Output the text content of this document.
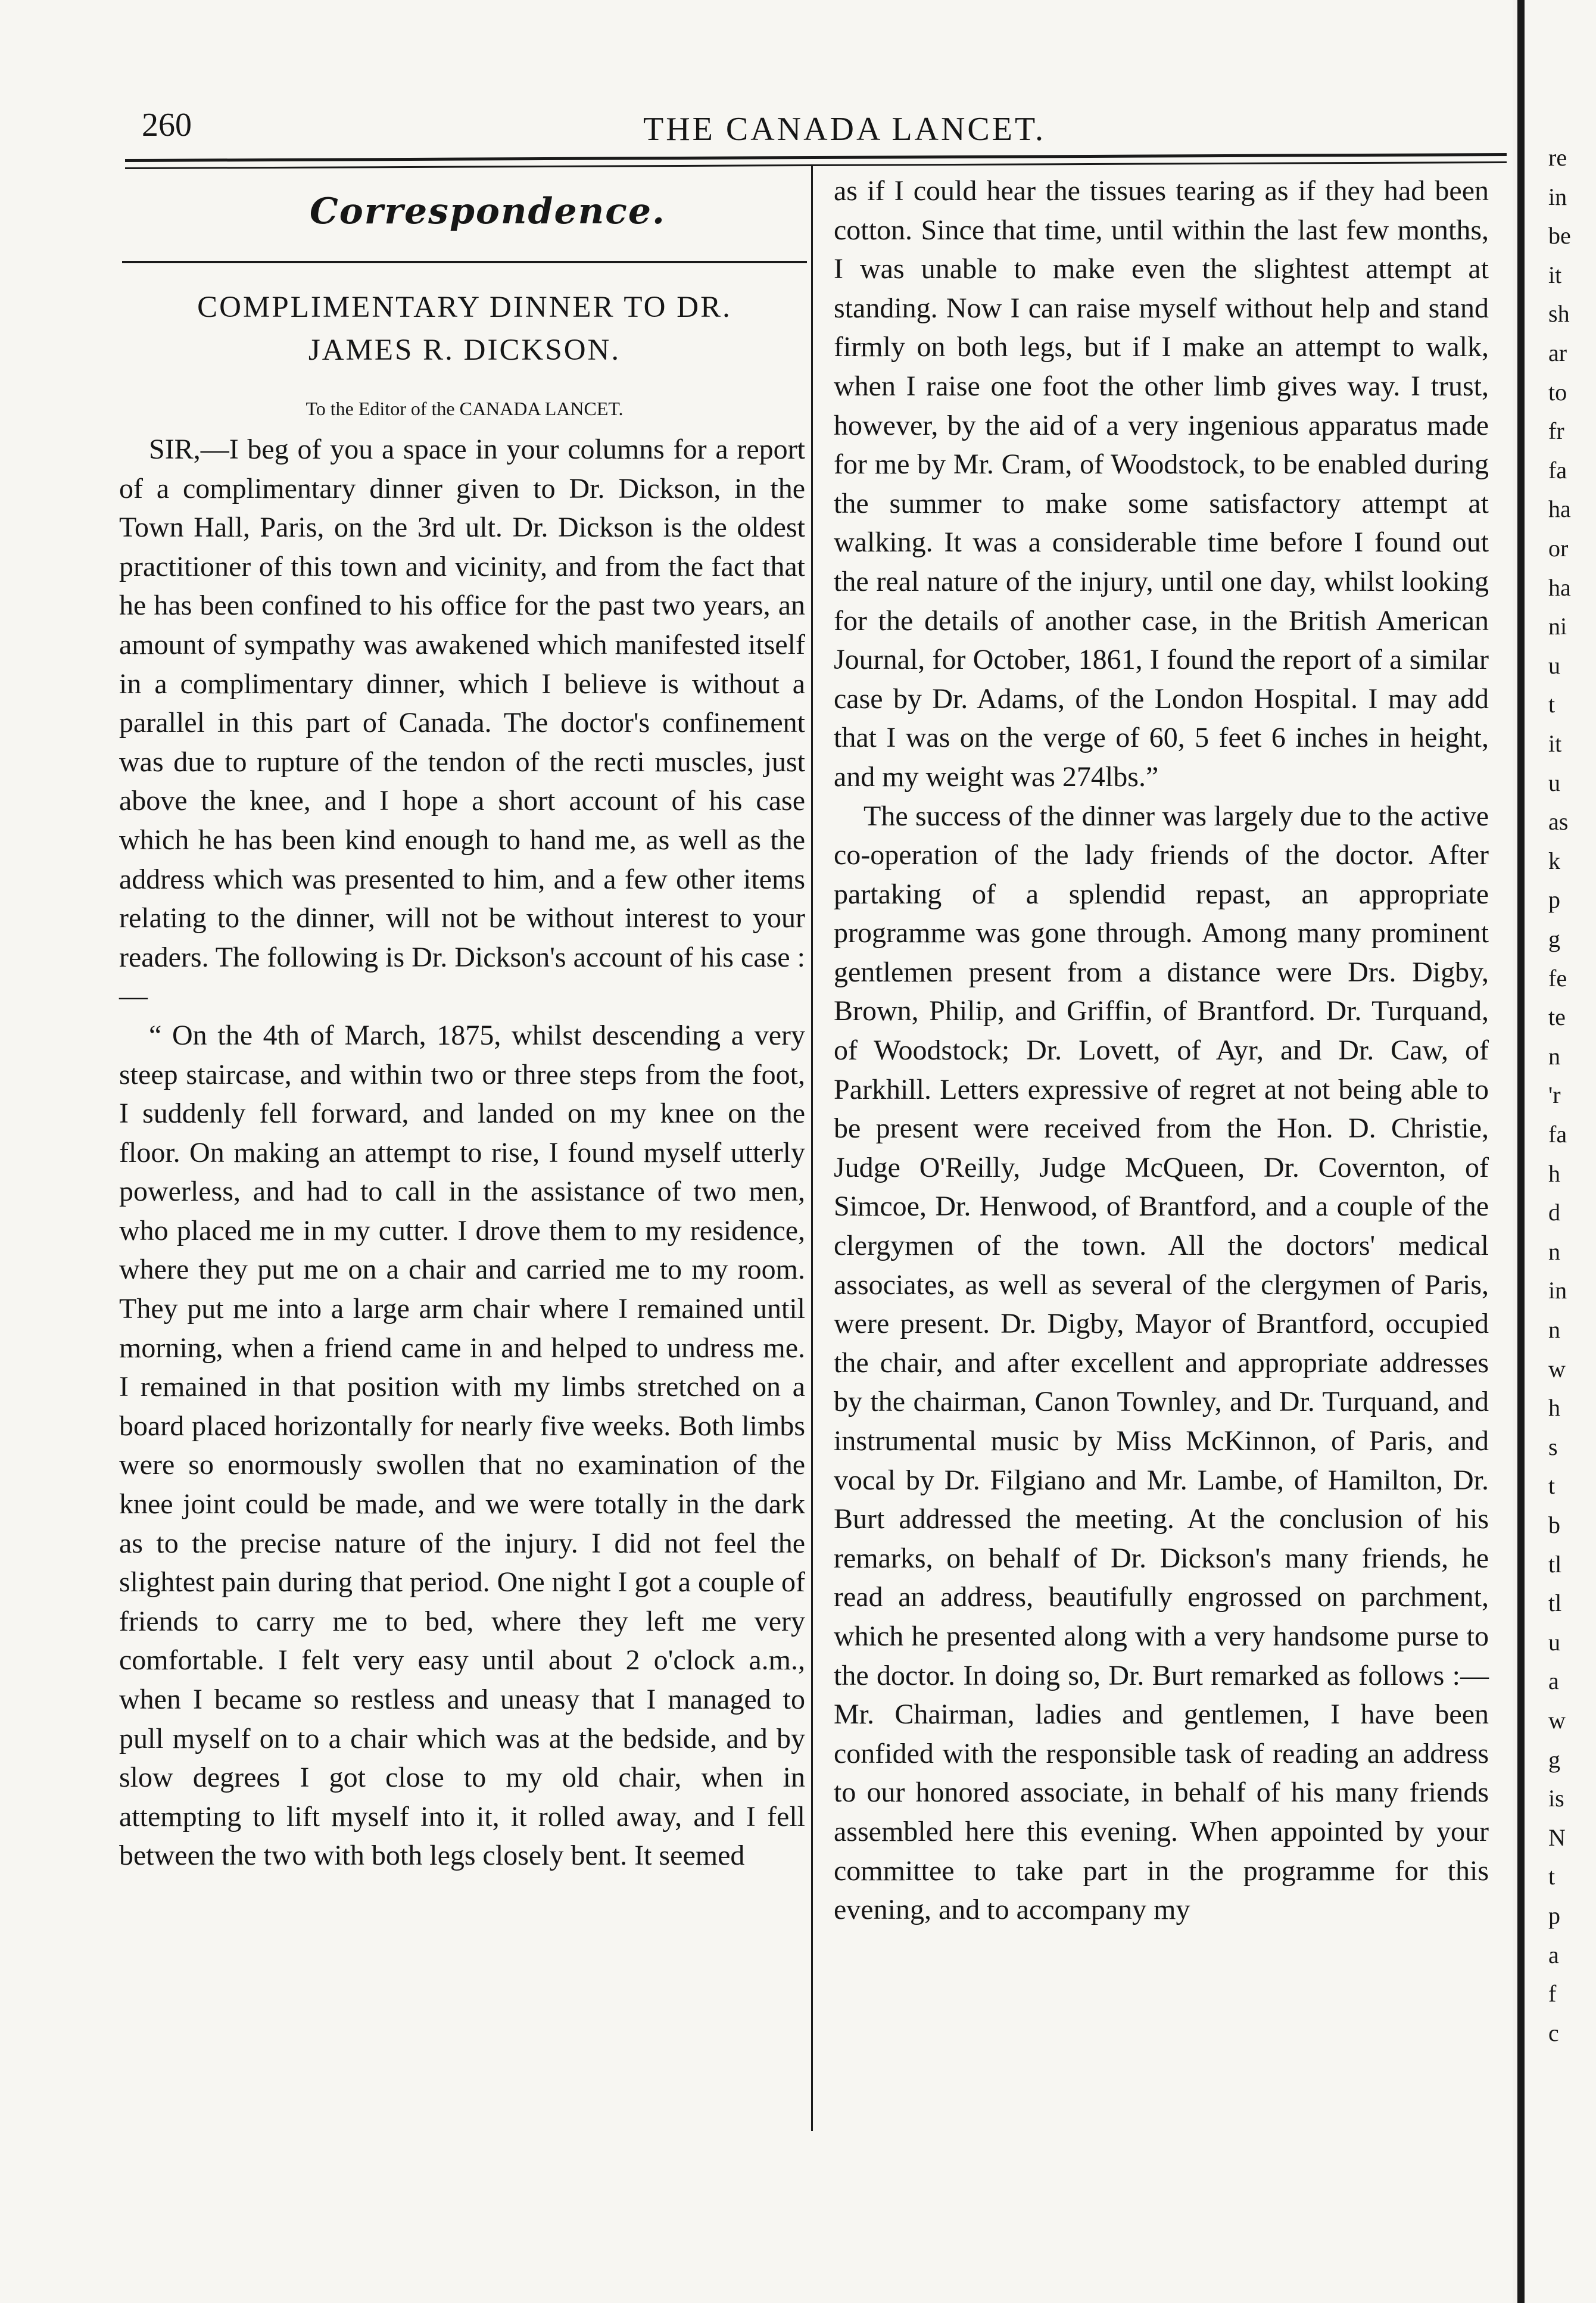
260	THE CANADA LANCET.
Correspondence.
COMPLIMENTARY DINNER TO DR.
JAMES R. DICKSON.
To the Editor of the CANADA LANCET.

SIR,—I beg of you a space in your columns for a report of a complimentary dinner given to Dr. Dickson, in the Town Hall, Paris, on the 3rd ult. Dr. Dickson is the oldest practitioner of this town and vicinity, and from the fact that he has been confined to his office for the past two years, an amount of sympathy was awakened which manifested itself in a complimentary dinner, which I believe is without a parallel in this part of Canada. The doctor's confinement was due to rupture of the tendon of the recti muscles, just above the knee, and I hope a short account of his case which he has been kind enough to hand me, as well as the address which was presented to him, and a few other items relating to the dinner, will not be without interest to your readers. The following is Dr. Dickson's account of his case :—

“ On the 4th of March, 1875, whilst descending a very steep staircase, and within two or three steps from the foot, I suddenly fell forward, and landed on my knee on the floor. On making an attempt to rise, I found myself utterly powerless, and had to call in the assistance of two men, who placed me in my cutter. I drove them to my residence, where they put me on a chair and carried me to my room. They put me into a large arm chair where I remained until morning, when a friend came in and helped to undress me. I remained in that position with my limbs stretched on a board placed horizontally for nearly five weeks. Both limbs were so enormously swollen that no examination of the knee joint could be made, and we were totally in the dark as to the precise nature of the injury. I did not feel the slightest pain during that period. One night I got a couple of friends to carry me to bed, where they left me very comfortable. I felt very easy until about 2 o'clock a.m., when I became so restless and uneasy that I managed to pull myself on to a chair which was at the bedside, and by slow degrees I got close to my old chair, when in attempting to lift myself into it, it rolled away, and I fell between the two with both legs closely bent. It seemed

as if I could hear the tissues tearing as if they had been cotton. Since that time, until within the last few months, I was unable to make even the slightest attempt at standing. Now I can raise myself without help and stand firmly on both legs, but if I make an attempt to walk, when I raise one foot the other limb gives way. I trust, however, by the aid of a very ingenious apparatus made for me by Mr. Cram, of Woodstock, to be enabled during the summer to make some satisfactory attempt at walking. It was a considerable time before I found out the real nature of the injury, until one day, whilst looking for the details of another case, in the British American Journal, for October, 1861, I found the report of a similar case by Dr. Adams, of the London Hospital. I may add that I was on the verge of 60, 5 feet 6 inches in height, and my weight was 274lbs.”

The success of the dinner was largely due to the active co-operation of the lady friends of the doctor. After partaking of a splendid repast, an appropriate programme was gone through. Among many prominent gentlemen present from a distance were Drs. Digby, Brown, Philip, and Griffin, of Brantford. Dr. Turquand, of Woodstock; Dr. Lovett, of Ayr, and Dr. Caw, of Parkhill. Letters expressive of regret at not being able to be present were received from the Hon. D. Christie, Judge O'Reilly, Judge McQueen, Dr. Covernton, of Simcoe, Dr. Henwood, of Brantford, and a couple of the clergymen of the town. All the doctors' medical associates, as well as several of the clergymen of Paris, were present. Dr. Digby, Mayor of Brantford, occupied the chair, and after excellent and appropriate addresses by the chairman, Canon Townley, and Dr. Turquand, and instrumental music by Miss McKinnon, of Paris, and vocal by Dr. Filgiano and Mr. Lambe, of Hamilton, Dr. Burt addressed the meeting. At the conclusion of his remarks, on behalf of Dr. Dickson's many friends, he read an address, beautifully engrossed on parchment, which he presented along with a very handsome purse to the doctor. In doing so, Dr. Burt remarked as follows :—Mr. Chairman, ladies and gentlemen, I have been confided with the responsible task of reading an address to our honored associate, in behalf of his many friends assembled here this evening. When appointed by your committee to take part in the programme for this evening, and to accompany my

re
in
be
it
sh
ar
to
fr
fa
ha
or
ha
ni
u
t
it
u
as
k
p
g
fe
te
n
'r
fa
h
d
n
in
n
w
h
s
t
b
tl
tl
u
a
w
g
is
N
t
p
a
f
c
